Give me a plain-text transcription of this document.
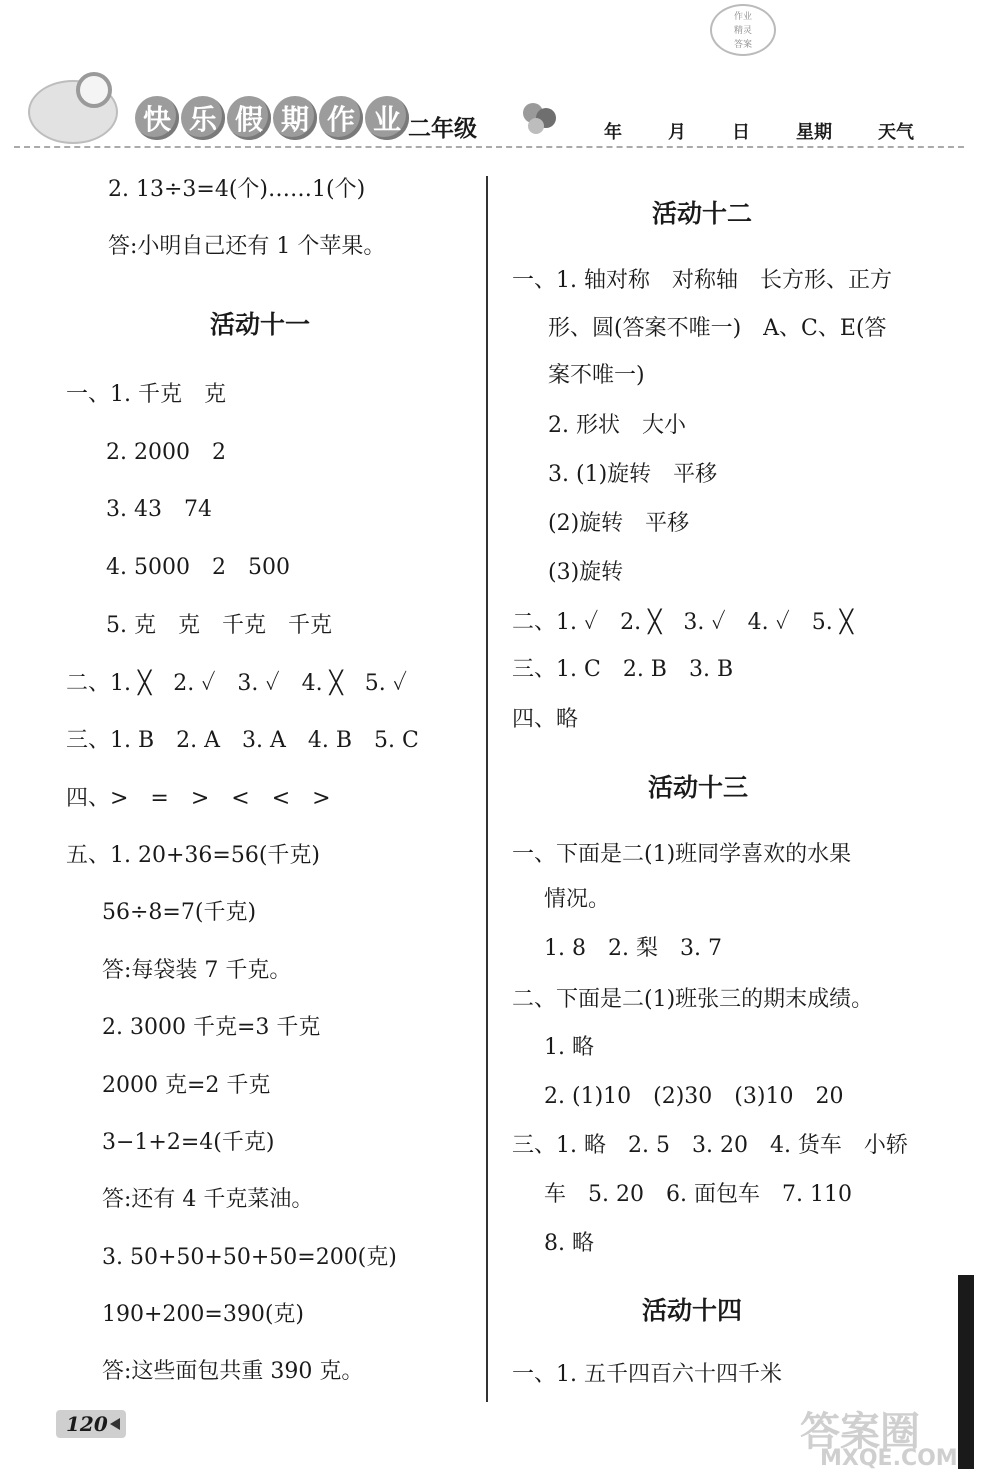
作业
精灵
答案
快 乐 假 期 作 业 二年级	年	月	日	星期	天气
2. 13÷3=4(个)……1(个)
答:小明自己还有 1 个苹果。
活动十一
一、1. 千克　克
2. 2000　2
3. 43　74
4. 5000　2　500
5. 克　克　千克　千克
二、1. ╳　2. ✓　3. ✓　4. ╳　5. ✓
三、1. B　2. A　3. A　4. B　5. C
四、>　=　>　<　<　>
五、1. 20+36=56(千克)
56÷8=7(千克)
答:每袋装 7 千克。
2. 3000 千克=3 千克
2000 克=2 千克
3−1+2=4(千克)
答:还有 4 千克菜油。
3. 50+50+50+50=200(克)
190+200=390(克)
答:这些面包共重 390 克。
活动十二
一、1. 轴对称　对称轴　长方形、正方
形、圆(答案不唯一)　A、C、E(答
案不唯一)
2. 形状　大小
3. (1)旋转　平移
(2)旋转　平移
(3)旋转
二、1. ✓　2. ╳　3. ✓　4. ✓　5. ╳
三、1. C　2. B　3. B
四、略
活动十三
一、下面是二(1)班同学喜欢的水果
情况。
1. 8　2. 梨　3. 7
二、下面是二(1)班张三的期末成绩。
1. 略
2. (1)10　(2)30　(3)10　20
三、1. 略　2. 5　3. 20　4. 货车　小轿
车　5. 20　6. 面包车　7. 110
8. 略
活动十四
一、1. 五千四百六十四千米
120	答案圈
MXQE.COM
